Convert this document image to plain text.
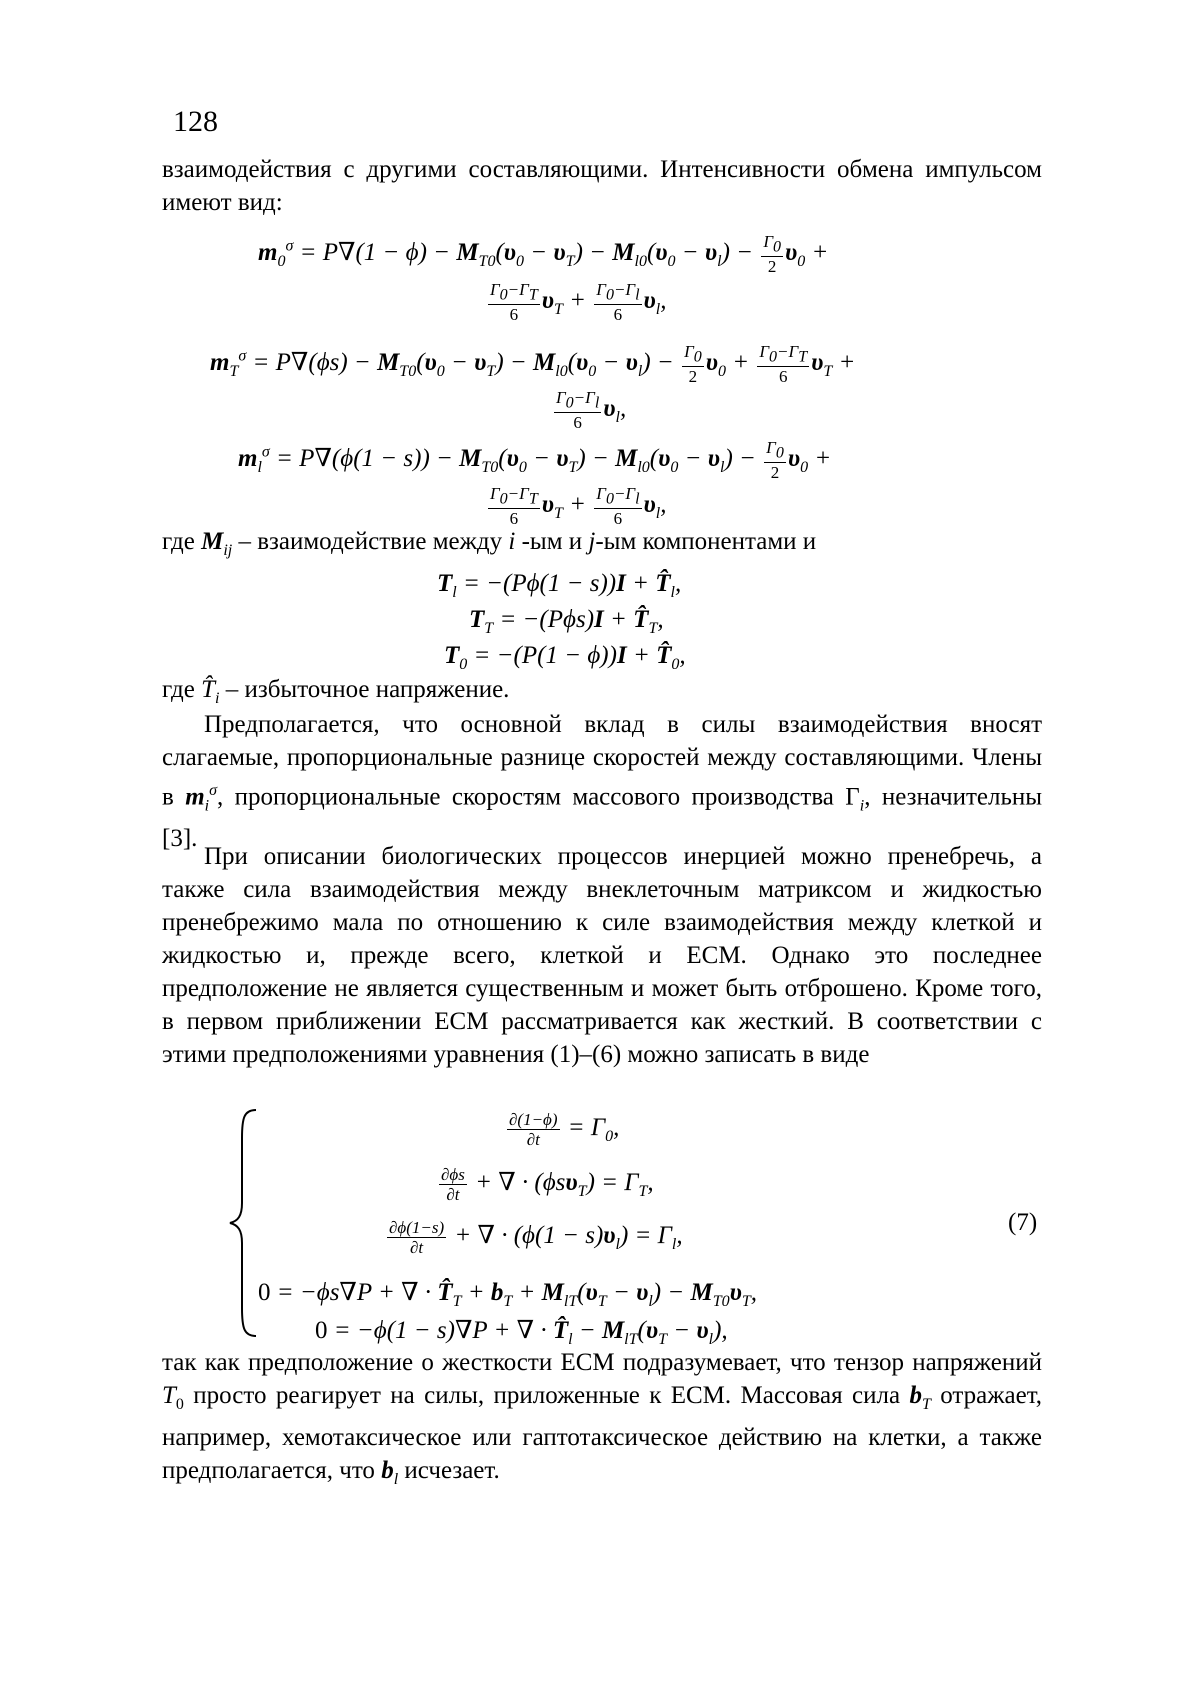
128

взаимодействия с другими составляющими. Интенсивности обмена импульсом имеют вид:

$m_0^\sigma = P\nabla(1 - \phi) - M_{T0}(\upsilon_0 - \upsilon_T) - M_{l0}(\upsilon_0 - \upsilon_l) - \frac{\Gamma_0}{2} \upsilon_0$ +
$\frac{\Gamma_0-\Gamma_T}{6} \upsilon_T + \frac{\Gamma_0-\Gamma_l}{6} \upsilon_l$,
$m_T^\sigma = P\nabla(\phi s) - M_{T0}(\upsilon_0 - \upsilon_T) - M_{l0}(\upsilon_0 - \upsilon_l) - \frac{\Gamma_0}{2} \upsilon_0 + \frac{\Gamma_0-\Gamma_T}{6} \upsilon_T$ +
$\frac{\Gamma_0-\Gamma_l}{6} \upsilon_l$,
$m_l^\sigma = P\nabla(\phi(1 - s)) - M_{T0}(\upsilon_0 - \upsilon_T) - M_{l0}(\upsilon_0 - \upsilon_l) - \frac{\Gamma_0}{2} \upsilon_0$ +
$\frac{\Gamma_0-\Gamma_T}{6} \upsilon_T + \frac{\Gamma_0-\Gamma_l}{6} \upsilon_l$,
где $M_{ij}$ – взаимодействие между i -ым и j-ым компонентами и
$T_l = -(P\phi(1 - s))I$ + $T̂_l$,
$T_T = -(P\phi s)I$ + $T̂_T$,
$T_0 = -(P(1 - \phi))I$ + $T̂_0$,
где $T̂_i$ – избыточное напряжение.

Предполагается, что основной вклад в силы взаимодействия вносят слагаемые, пропорциональные разнице скоростей между составляющими. Члены в $m_i^\sigma$, пропорциональные скоростям массового производства $\Gamma_i$, незначительны [3].

При описании биологических процессов инерцией можно пренебречь, а также сила взаимодействия между внеклеточным матриксом и жидкостью пренебрежимо мала по отношению к силе взаимодействия между клеткой и жидкостью и, прежде всего, клеткой и ECM. Однако это последнее предположение не является существенным и может быть отброшено. Кроме того, в первом приближении ECM рассматривается как жесткий. В соответствии с этими предположениями уравнения (1)–(6) можно записать в виде

$\frac{\partial(1-\phi)}{\partial t} = \Gamma_0$,
$\frac{\partial\phi s}{\partial t}$ + ∇ · $(\phi s\upsilon_T) = \Gamma_T$,
$\frac{\partial\phi(1-s)}{\partial t}$ + ∇ · $(\phi(1 - s)\upsilon_l) = \Gamma_l$,
0 = −ϕs∇P + ∇ · $T̂_T + b_T + M_{lT}(\upsilon_T - \upsilon_l) - M_{T0}\upsilon_T$,
0 = −ϕ(1 − s)∇P + ∇ · $T̂_l - M_{lT}(\upsilon_T - \upsilon_l)$,
(7)

так как предположение о жесткости ECM подразумевает, что тензор напряжений $T_0$ просто реагирует на силы, приложенные к ECM. Массовая сила $b_T$ отражает, например, хемотаксическое или гаптотаксическое действию на клетки, а также предполагается, что $b_l$ исчезает.
